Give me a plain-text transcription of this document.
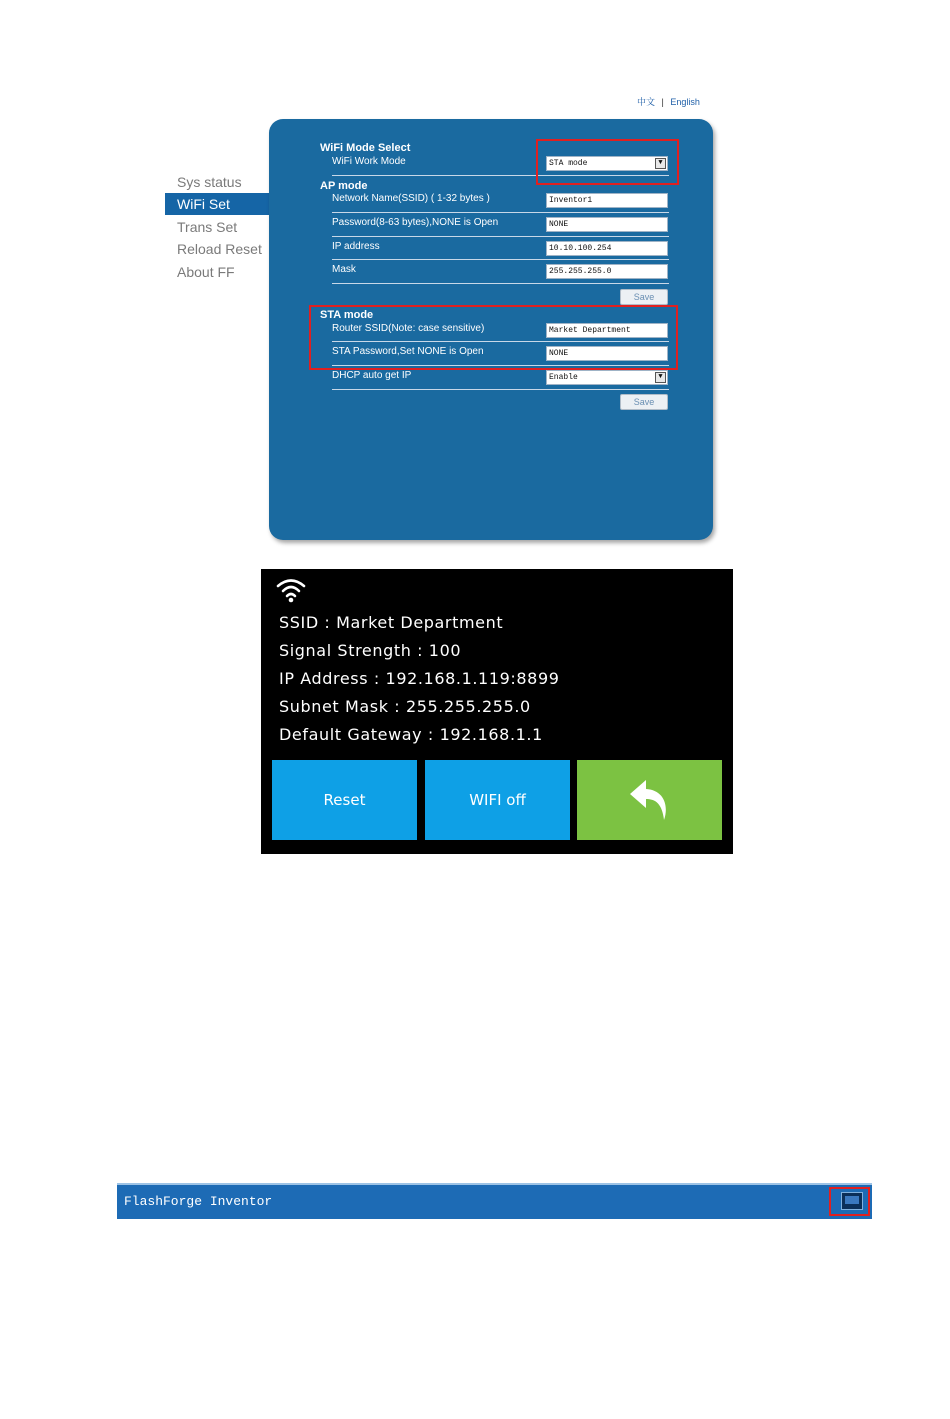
中文 | English
Sys status
WiFi Set
Trans Set
Reload Reset
About FF
WiFi Mode Select
WiFi Work Mode	STA mode	▼
AP mode
Network Name(SSID) ( 1-32 bytes )	Inventor1
Password(8-63 bytes),NONE is Open	NONE
IP address	10.10.100.254
Mask	255.255.255.0
Save
STA mode
Router SSID(Note: case sensitive)	Market Department
STA Password,Set NONE is Open	NONE
DHCP auto get IP	Enable	▼
Save
SSID : Market Department
Signal Strength : 100
IP Address : 192.168.1.119:8899
Subnet Mask : 255.255.255.0
Default Gateway : 192.168.1.1
Reset	WIFI off
FlashForge Inventor
